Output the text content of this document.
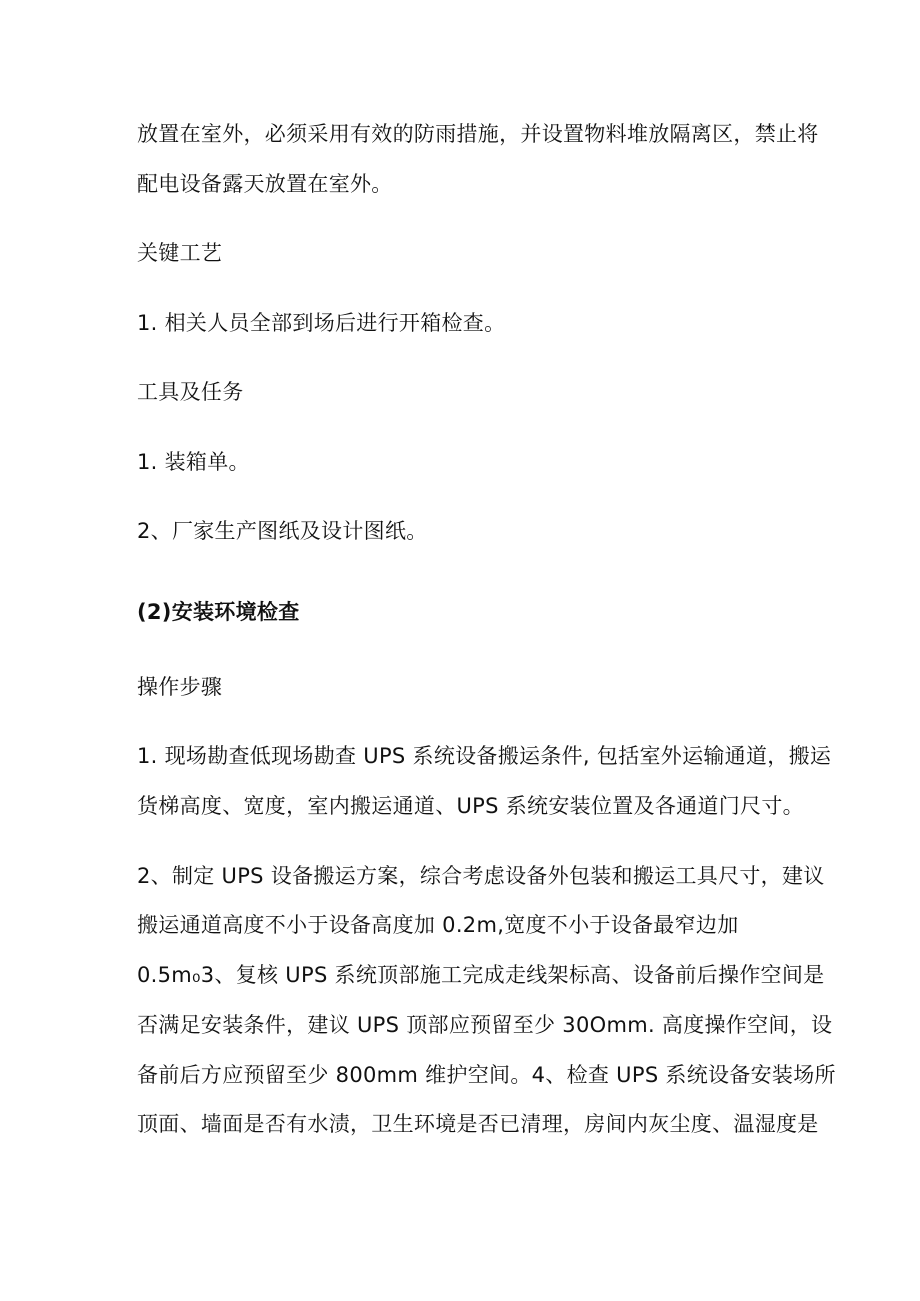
放置在室外，必须采用有效的防雨措施，并设置物料堆放隔离区，禁止将
配电设备露天放置在室外。
关键工艺
1. 相关人员全部到场后进行开箱检查。
工具及任务
1. 装箱单。
2、厂家生产图纸及设计图纸。
(2)安装环境检查
操作步骤
1. 现场勘查低现场勘查 UPS 系统设备搬运条件, 包括室外运输通道，搬运
货梯高度、宽度，室内搬运通道、UPS 系统安装位置及各通道门尺寸。
2、制定 UPS 设备搬运方案，综合考虑设备外包装和搬运工具尺寸，建议
搬运通道高度不小于设备高度加 0.2m,宽度不小于设备最窄边加
0.5m₀3、复核 UPS 系统顶部施工完成走线架标高、设备前后操作空间是
否满足安装条件，建议 UPS 顶部应预留至少 30Omm. 高度操作空间，设
备前后方应预留至少 800mm 维护空间。4、检查 UPS 系统设备安装场所
顶面、墙面是否有水渍，卫生环境是否已清理，房间内灰尘度、温湿度是
